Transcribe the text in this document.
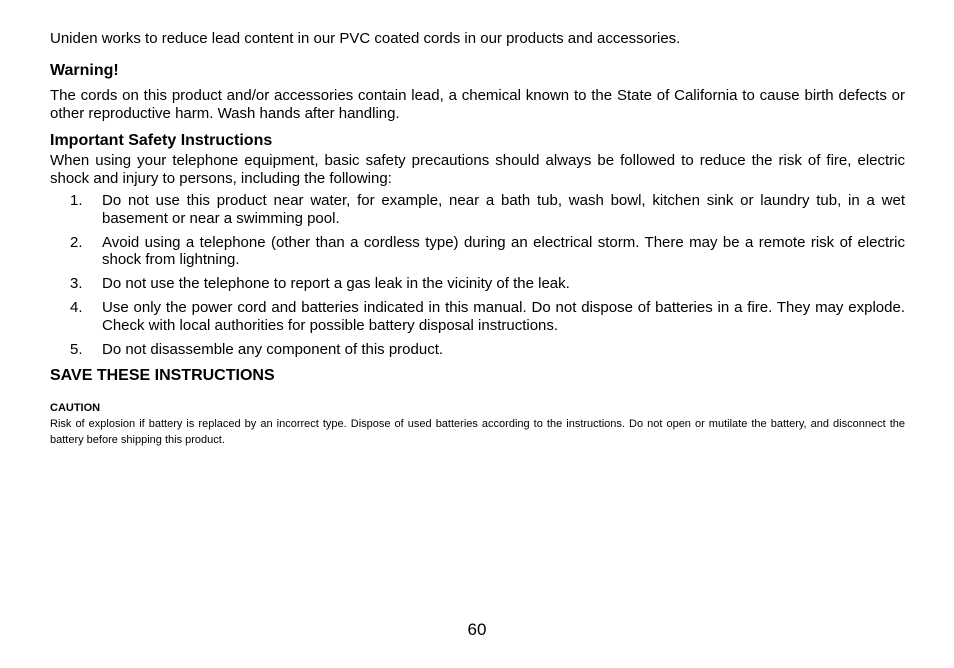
Uniden works to reduce lead content in our PVC coated cords in our products and accessories.

Warning!

The cords on this product and/or accessories contain lead, a chemical known to the State of California to cause birth defects or other reproductive harm. Wash hands after handling.

Important Safety Instructions

When using your telephone equipment, basic safety precautions should always be followed to reduce the risk of fire, electric shock and injury to persons, including the following:

1.	Do not use this product near water, for example, near a bath tub, wash bowl, kitchen sink or laundry tub, in a wet basement or near a swimming pool.
2.	Avoid using a telephone (other than a cordless type) during an electrical storm. There may be a remote risk of electric shock from lightning.
3.	Do not use the telephone to report a gas leak in the vicinity of the leak.
4.	Use only the power cord and batteries indicated in this manual. Do not dispose of batteries in a fire. They may explode. Check with local authorities for possible battery disposal instructions.
5.	Do not disassemble any component of this product.

SAVE THESE INSTRUCTIONS

CAUTION

Risk of explosion if battery is replaced by an incorrect type. Dispose of used batteries according to the instructions. Do not open or mutilate the battery, and disconnect the battery before shipping this product.

60
